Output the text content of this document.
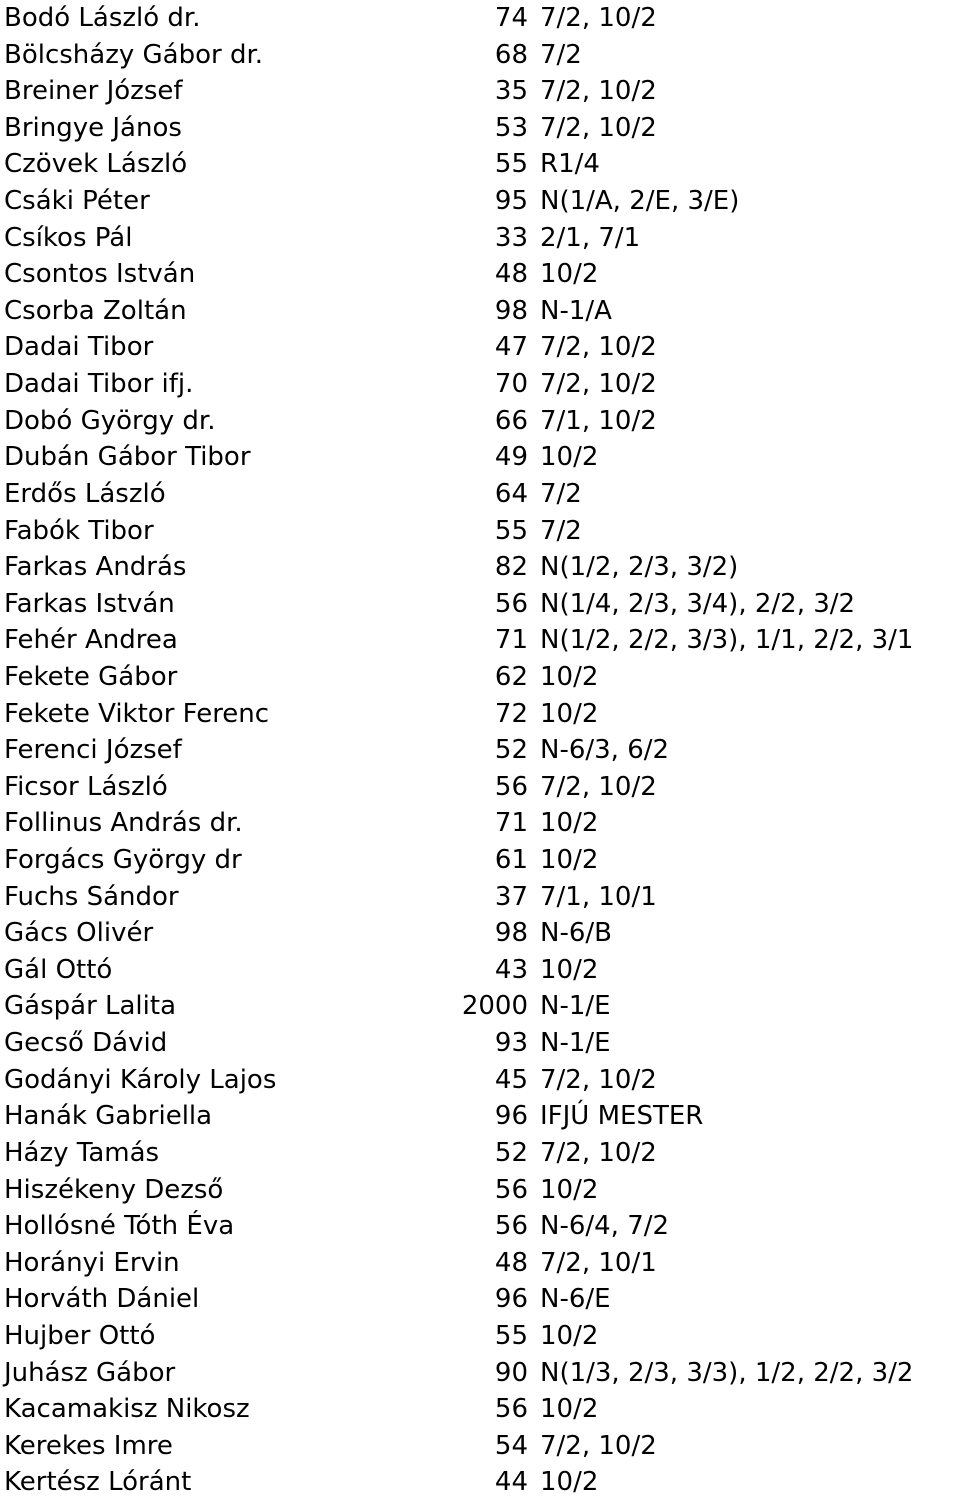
Bodó László dr.	74 7/2, 10/2
Bölcsházy Gábor dr.	68 7/2
Breiner József	35 7/2, 10/2
Bringye János	53 7/2, 10/2
Czövek László	55 R1/4
Csáki Péter	95 N(1/A, 2/E, 3/E)
Csíkos Pál	33 2/1, 7/1
Csontos István	48 10/2
Csorba Zoltán	98 N-1/A
Dadai Tibor	47 7/2, 10/2
Dadai Tibor ifj.	70 7/2, 10/2
Dobó György dr.	66 7/1, 10/2
Dubán Gábor Tibor	49 10/2
Erdős László	64 7/2
Fabók Tibor	55 7/2
Farkas András	82 N(1/2, 2/3, 3/2)
Farkas István	56 N(1/4, 2/3, 3/4), 2/2, 3/2
Fehér Andrea	71 N(1/2, 2/2, 3/3), 1/1, 2/2, 3/1
Fekete Gábor	62 10/2
Fekete Viktor Ferenc	72 10/2
Ferenci József	52 N-6/3, 6/2
Ficsor László	56 7/2, 10/2
Follinus András dr.	71 10/2
Forgács György dr	61 10/2
Fuchs Sándor	37 7/1, 10/1
Gács Olivér	98 N-6/B
Gál Ottó	43 10/2
Gáspár Lalita	2000 N-1/E
Gecső Dávid	93 N-1/E
Godányi Károly Lajos	45 7/2, 10/2
Hanák Gabriella	96 IFJÚ MESTER
Házy Tamás	52 7/2, 10/2
Hiszékeny Dezső	56 10/2
Hollósné Tóth Éva	56 N-6/4, 7/2
Horányi Ervin	48 7/2, 10/1
Horváth Dániel	96 N-6/E
Hujber Ottó	55 10/2
Juhász Gábor	90 N(1/3, 2/3, 3/3), 1/2, 2/2, 3/2
Kacamakisz Nikosz	56 10/2
Kerekes Imre	54 7/2, 10/2
Kertész Lóránt	44 10/2
